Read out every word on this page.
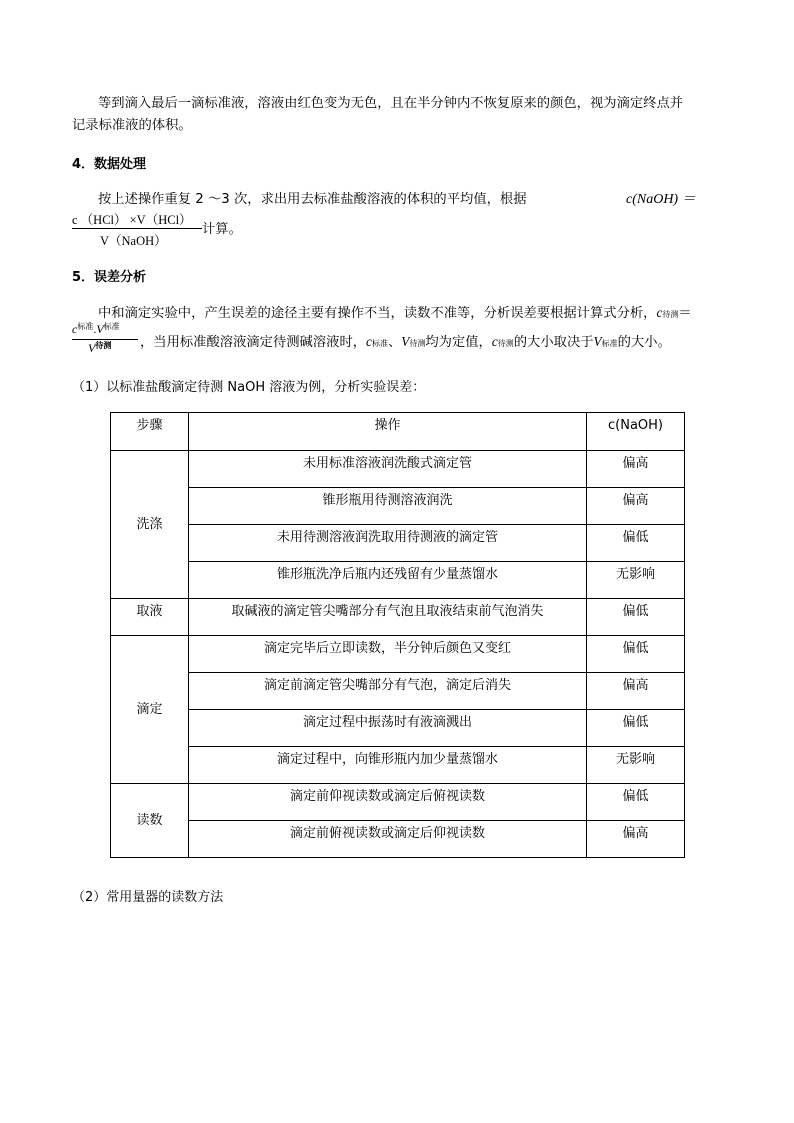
等到滴入最后一滴标准液，溶液由红色变为无色，且在半分钟内不恢复原来的颜色，视为滴定终点并
记录标准液的体积。
4．数据处理
按上述操作重复 2 ～3 次，求出用去标准盐酸溶液的体积的平均值，根据	c(NaOH) ＝
c （HCl） ×V（HCl）
V（NaOH）
计算。
5．误差分析
中和滴定实验中，产生误差的途径主要有操作不当，读数不准等，分析误差要根据计算式分析，c待测＝
$c^{标准}.V^{标准}$
$V^{待测}$ ，当用标准酸溶液滴定待测碱溶液时，c标准、V待测均为定值，c待测的大小取决于V标准的大小。
（1）以标准盐酸滴定待测 NaOH 溶液为例，分析实验误差：
步骤	操作	c(NaOH)

洗涤	未用标准溶液润洗酸式滴定管	偏高

	锥形瓶用待测溶液润洗	偏高

	未用待测溶液润洗取用待测液的滴定管	偏低

	锥形瓶洗净后瓶内还残留有少量蒸馏水	无影响

取液	取碱液的滴定管尖嘴部分有气泡且取液结束前气泡消失	偏低

滴定	滴定完毕后立即读数，半分钟后颜色又变红	偏低

	滴定前滴定管尖嘴部分有气泡，滴定后消失	偏高

	滴定过程中振荡时有液滴溅出	偏低

	滴定过程中，向锥形瓶内加少量蒸馏水	无影响

读数	滴定前仰视读数或滴定后俯视读数	偏低

	滴定前俯视读数或滴定后仰视读数	偏高
（2）常用量器的读数方法
